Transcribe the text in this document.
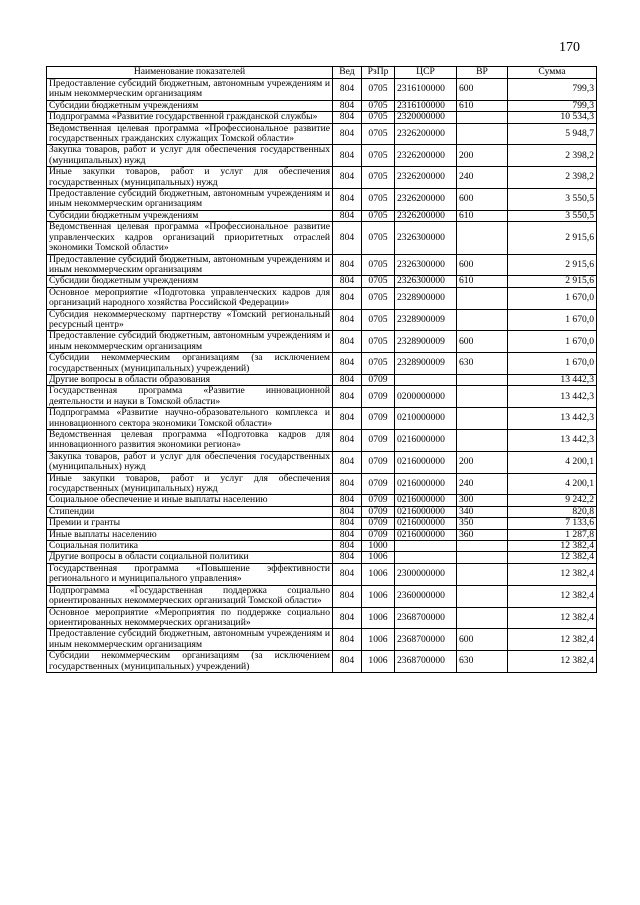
170
Наименование показателей	Вед	РзПр	ЦСР	ВР	Сумма
Предоставление субсидий бюджетным, автономным учреждениям и иным некоммерческим организациям	804	0705	2316100000	600	799,3
Субсидии бюджетным учреждениям	804	0705	2316100000	610	799,3
Подпрограмма «Развитие государственной гражданской службы»	804	0705	2320000000		10 534,3
Ведомственная целевая программа «Профессиональное развитие государственных гражданских служащих Томской области»	804	0705	2326200000		5 948,7
Закупка товаров, работ и услуг для обеспечения государственных (муниципальных) нужд	804	0705	2326200000	200	2 398,2
Иные закупки товаров, работ и услуг для обеспечения государственных (муниципальных) нужд	804	0705	2326200000	240	2 398,2
Предоставление субсидий бюджетным, автономным учреждениям и иным некоммерческим организациям	804	0705	2326200000	600	3 550,5
Субсидии бюджетным учреждениям	804	0705	2326200000	610	3 550,5
Ведомственная целевая программа «Профессиональное развитие управленческих кадров организаций приоритетных отраслей экономики Томской области»	804	0705	2326300000		2 915,6
Предоставление субсидий бюджетным, автономным учреждениям и иным некоммерческим организациям	804	0705	2326300000	600	2 915,6
Субсидии бюджетным учреждениям	804	0705	2326300000	610	2 915,6
Основное мероприятие «Подготовка управленческих кадров для организаций народного хозяйства Российской Федерации»	804	0705	2328900000		1 670,0
Субсидия некоммерческому партнерству «Томский региональный ресурсный центр»	804	0705	2328900009		1 670,0
Предоставление субсидий бюджетным, автономным учреждениям и иным некоммерческим организациям	804	0705	2328900009	600	1 670,0
Субсидии некоммерческим организациям (за исключением государственных (муниципальных) учреждений)	804	0705	2328900009	630	1 670,0
Другие вопросы в области образования	804	0709			13 442,3
Государственная программа «Развитие инновационной деятельности и науки в Томской области»	804	0709	0200000000		13 442,3
Подпрограмма «Развитие научно-образовательного комплекса и инновационного сектора экономики Томской области»	804	0709	0210000000		13 442,3
Ведомственная целевая программа «Подготовка кадров для инновационного развития экономики региона»	804	0709	0216000000		13 442,3
Закупка товаров, работ и услуг для обеспечения государственных (муниципальных) нужд	804	0709	0216000000	200	4 200,1
Иные закупки товаров, работ и услуг для обеспечения государственных (муниципальных) нужд	804	0709	0216000000	240	4 200,1
Социальное обеспечение и иные выплаты населению	804	0709	0216000000	300	9 242,2
Стипендии	804	0709	0216000000	340	820,8
Премии и гранты	804	0709	0216000000	350	7 133,6
Иные выплаты населению	804	0709	0216000000	360	1 287,8
Социальная политика	804	1000			12 382,4
Другие вопросы в области социальной политики	804	1006			12 382,4
Государственная программа «Повышение эффективности регионального и муниципального управления»	804	1006	2300000000		12 382,4
Подпрограмма «Государственная поддержка социально ориентированных некоммерческих организаций Томской области»	804	1006	2360000000		12 382,4
Основное мероприятие «Мероприятия по поддержке социально ориентированных некоммерческих организаций»	804	1006	2368700000		12 382,4
Предоставление субсидий бюджетным, автономным учреждениям и иным некоммерческим организациям	804	1006	2368700000	600	12 382,4
Субсидии некоммерческим организациям (за исключением государственных (муниципальных) учреждений)	804	1006	2368700000	630	12 382,4
